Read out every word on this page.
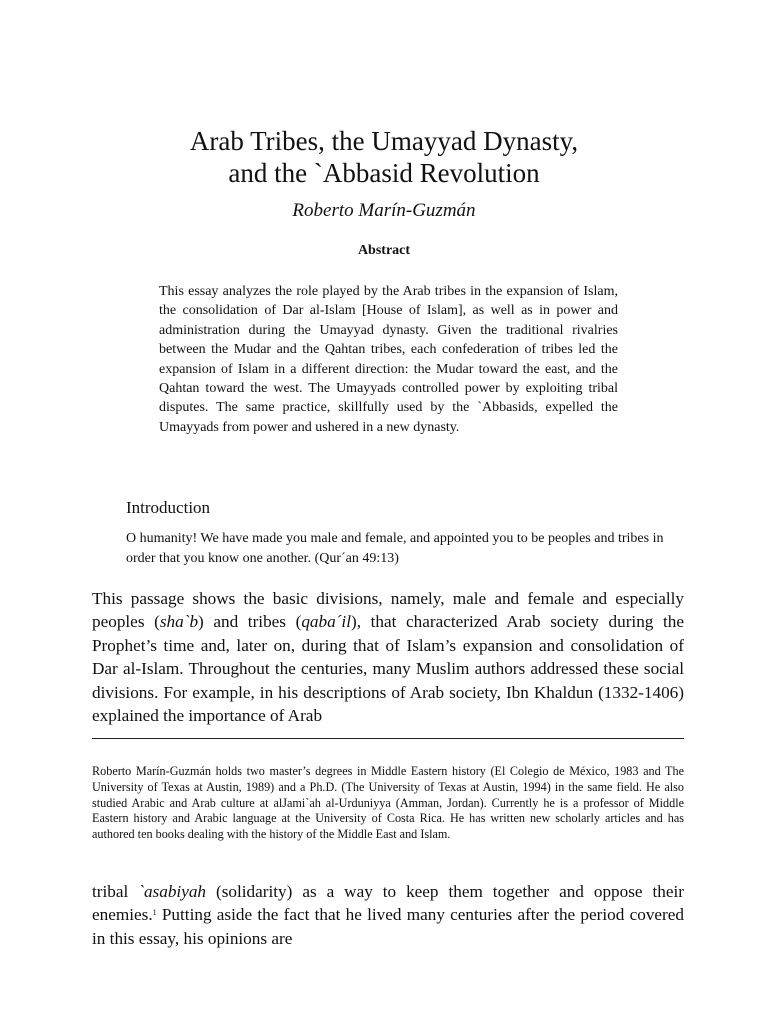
Arab Tribes, the Umayyad Dynasty,
and the `Abbasid Revolution
Roberto Marín-Guzmán
Abstract
This essay analyzes the role played by the Arab tribes in the expansion of Islam, the consolidation of Dar al-Islam [House of Islam], as well as in power and administration during the Umayyad dynasty. Given the traditional rivalries between the Mudar and the Qahtan tribes, each confederation of tribes led the expansion of Islam in a different direction: the Mudar toward the east, and the Qahtan toward the west. The Umayyads controlled power by exploiting tribal disputes. The same practice, skillfully used by the `Abbasids, expelled the Umayyads from power and ushered in a new dynasty.
Introduction
O humanity! We have made you male and female, and appointed you to be peoples and tribes in order that you know one another. (Qur´an 49:13)
This passage shows the basic divisions, namely, male and female and especially peoples (sha`b) and tribes (qaba´il), that characterized Arab society during the Prophet’s time and, later on, during that of Islam’s expansion and consolidation of Dar al-Islam. Throughout the centuries, many Muslim authors addressed these social divisions. For example, in his descriptions of Arab society, Ibn Khaldun (1332-1406) explained the importance of Arab
Roberto Marín-Guzmán holds two master’s degrees in Middle Eastern history (El Colegio de México, 1983 and The University of Texas at Austin, 1989) and a Ph.D. (The University of Texas at Austin, 1994) in the same field. He also studied Arabic and Arab culture at alJami`ah al-Urduniyya (Amman, Jordan). Currently he is a professor of Middle Eastern history and Arabic language at the University of Costa Rica. He has written new scholarly articles and has authored ten books dealing with the history of the Middle East and Islam.
tribal `asabiyah (solidarity) as a way to keep them together and oppose their enemies.$^1$ Putting aside the fact that he lived many centuries after the period covered in this essay, his opinions are
